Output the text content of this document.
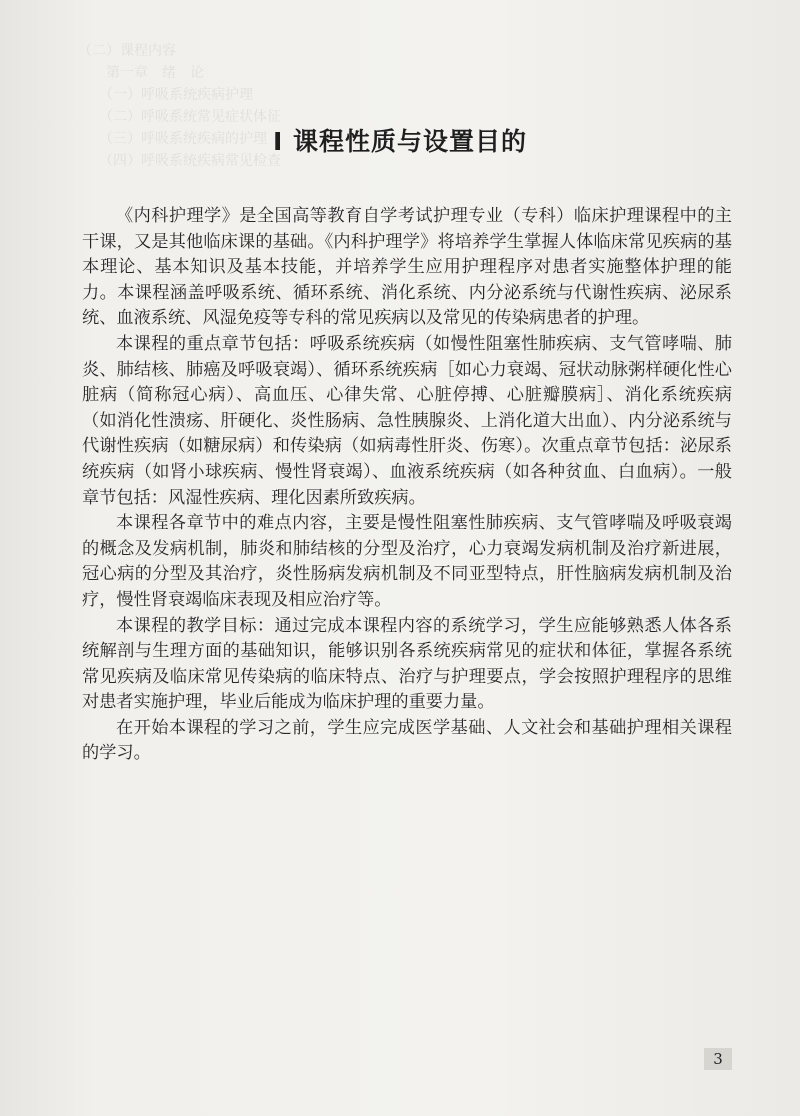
（二）课程内容
　　第一章　绪　论
　　（一）呼吸系统疾病护理
　　（二）呼吸系统常见症状体征
　　（三）呼吸系统疾病的护理
　　（四）呼吸系统疾病常见检查
I 课程性质与设置目的

《内科护理学》是全国高等教育自学考试护理专业（专科）临床护理课程中的主干课，又是其他临床课的基础。《内科护理学》将培养学生掌握人体临床常见疾病的基本理论、基本知识及基本技能，并培养学生应用护理程序对患者实施整体护理的能力。本课程涵盖呼吸系统、循环系统、消化系统、内分泌系统与代谢性疾病、泌尿系统、血液系统、风湿免疫等专科的常见疾病以及常见的传染病患者的护理。

本课程的重点章节包括：呼吸系统疾病（如慢性阻塞性肺疾病、支气管哮喘、肺炎、肺结核、肺癌及呼吸衰竭）、循环系统疾病［如心力衰竭、冠状动脉粥样硬化性心脏病（简称冠心病）、高血压、心律失常、心脏停搏、心脏瓣膜病］、消化系统疾病（如消化性溃疡、肝硬化、炎性肠病、急性胰腺炎、上消化道大出血）、内分泌系统与代谢性疾病（如糖尿病）和传染病（如病毒性肝炎、伤寒）。次重点章节包括：泌尿系统疾病（如肾小球疾病、慢性肾衰竭）、血液系统疾病（如各种贫血、白血病）。一般章节包括：风湿性疾病、理化因素所致疾病。

本课程各章节中的难点内容，主要是慢性阻塞性肺疾病、支气管哮喘及呼吸衰竭的概念及发病机制，肺炎和肺结核的分型及治疗，心力衰竭发病机制及治疗新进展，冠心病的分型及其治疗，炎性肠病发病机制及不同亚型特点，肝性脑病发病机制及治疗，慢性肾衰竭临床表现及相应治疗等。

本课程的教学目标：通过完成本课程内容的系统学习，学生应能够熟悉人体各系统解剖与生理方面的基础知识，能够识别各系统疾病常见的症状和体征，掌握各系统常见疾病及临床常见传染病的临床特点、治疗与护理要点，学会按照护理程序的思维对患者实施护理，毕业后能成为临床护理的重要力量。

在开始本课程的学习之前，学生应完成医学基础、人文社会和基础护理相关课程的学习。

3
